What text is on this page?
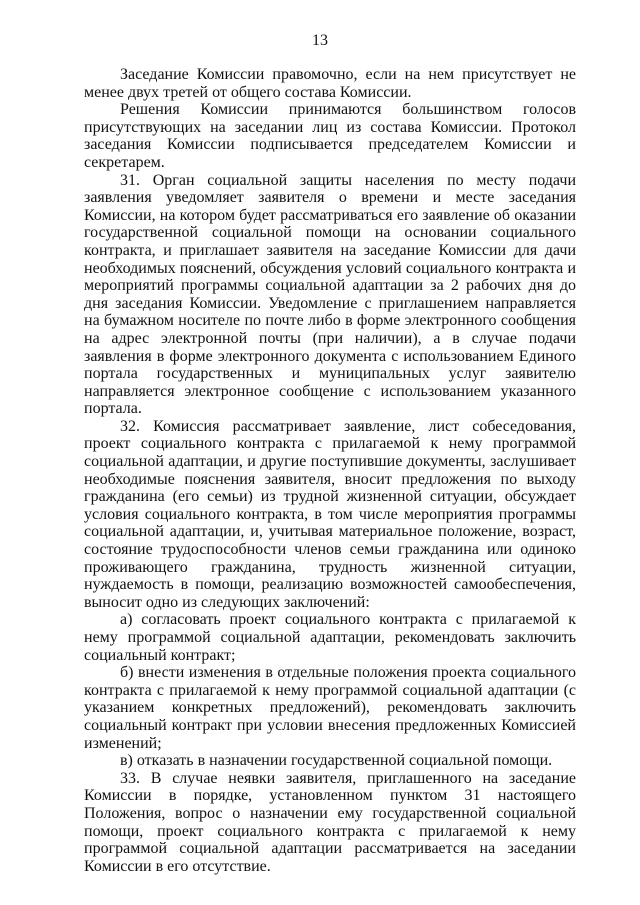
13

Заседание Комиссии правомочно, если на нем присутствует не менее двух третей от общего состава Комиссии.

Решения Комиссии принимаются большинством голосов присутствующих на заседании лиц из состава Комиссии. Протокол заседания Комиссии подписывается председателем Комиссии и секретарем.

31. Орган социальной защиты населения по месту подачи заявления уведомляет заявителя о времени и месте заседания Комиссии, на котором будет рассматриваться его заявление об оказании государственной социальной помощи на основании социального контракта, и приглашает заявителя на заседание Комиссии для дачи необходимых пояснений, обсуждения условий социального контракта и мероприятий программы социальной адаптации за 2 рабочих дня до дня заседания Комиссии. Уведомление с приглашением направляется на бумажном носителе по почте либо в форме электронного сообщения на адрес электронной почты (при наличии), а в случае подачи заявления в форме электронного документа с использованием Единого портала государственных и муниципальных услуг заявителю направляется электронное сообщение с использованием указанного портала.

32. Комиссия рассматривает заявление, лист собеседования, проект социального контракта с прилагаемой к нему программой социальной адаптации, и другие поступившие документы, заслушивает необходимые пояснения заявителя, вносит предложения по выходу гражданина (его семьи) из трудной жизненной ситуации, обсуждает условия социального контракта, в том числе мероприятия программы социальной адаптации, и, учитывая материальное положение, возраст, состояние трудоспособности членов семьи гражданина или одиноко проживающего гражданина, трудность жизненной ситуации, нуждаемость в помощи, реализацию возможностей самообеспечения, выносит одно из следующих заключений:

а) согласовать проект социального контракта с прилагаемой к нему программой социальной адаптации, рекомендовать заключить социальный контракт;

б) внести изменения в отдельные положения проекта социального контракта с прилагаемой к нему программой социальной адаптации (с указанием конкретных предложений), рекомендовать заключить социальный контракт при условии внесения предложенных Комиссией изменений;

в) отказать в назначении государственной социальной помощи.

33. В случае неявки заявителя, приглашенного на заседание Комиссии в порядке, установленном пунктом 31 настоящего Положения, вопрос о назначении ему государственной социальной помощи, проект социального контракта с прилагаемой к нему программой социальной адаптации рассматривается на заседании Комиссии в его отсутствие.
